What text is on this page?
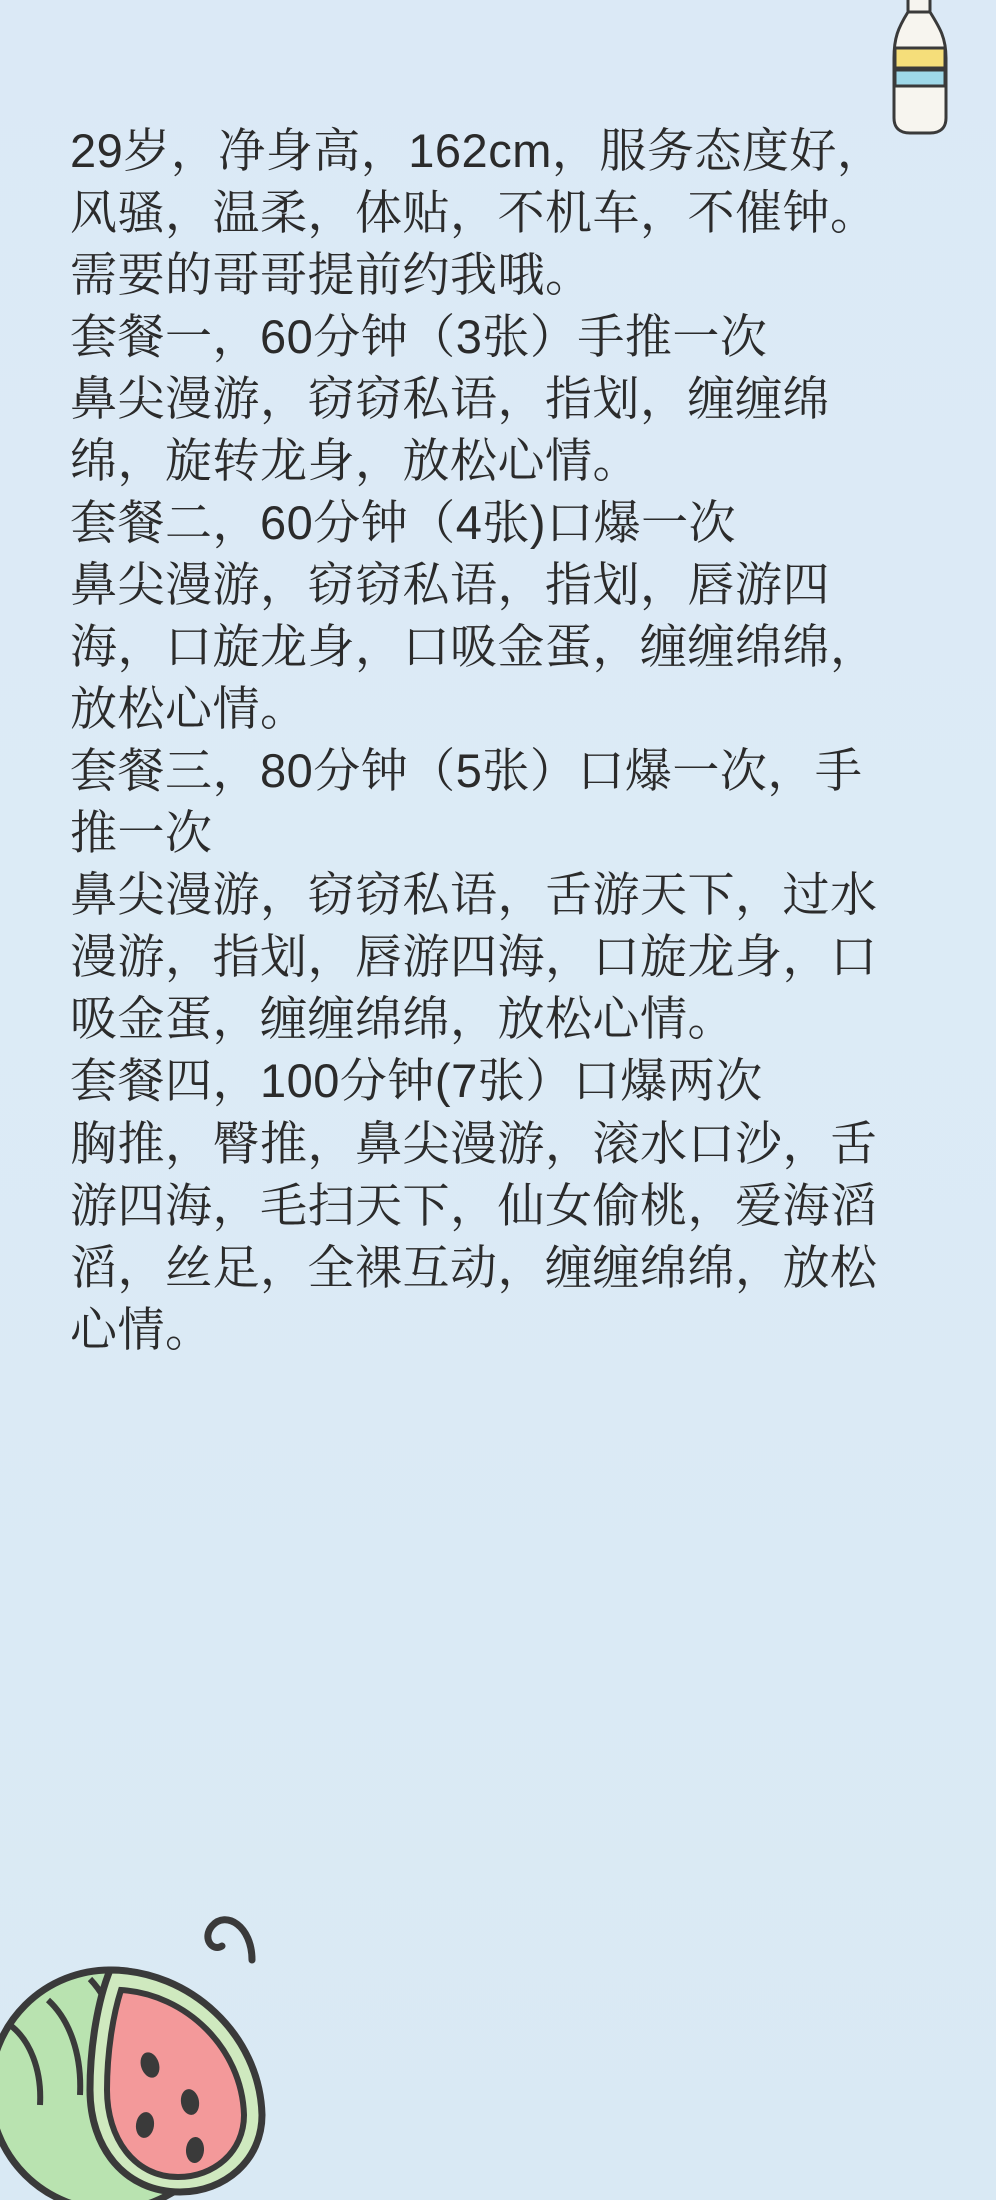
29岁，净身高，162cm，服务态度好，
风骚，温柔，体贴，不机车，不催钟。
需要的哥哥提前约我哦。
套餐一，60分钟（3张）手推一次
鼻尖漫游，窃窃私语，指划，缠缠绵
绵，旋转龙身，放松心情。
套餐二，60分钟（4张)口爆一次
鼻尖漫游，窃窃私语，指划，唇游四
海，口旋龙身，口吸金蛋，缠缠绵绵，
放松心情。
套餐三，80分钟（5张）口爆一次，手
推一次
鼻尖漫游，窃窃私语，舌游天下，过水
漫游，指划，唇游四海，口旋龙身，口
吸金蛋，缠缠绵绵，放松心情。
套餐四，100分钟(7张）口爆两次
胸推，臀推，鼻尖漫游，滚水口沙，舌
游四海，毛扫天下，仙女偷桃，爱海滔
滔，丝足，全裸互动，缠缠绵绵，放松
心情。
